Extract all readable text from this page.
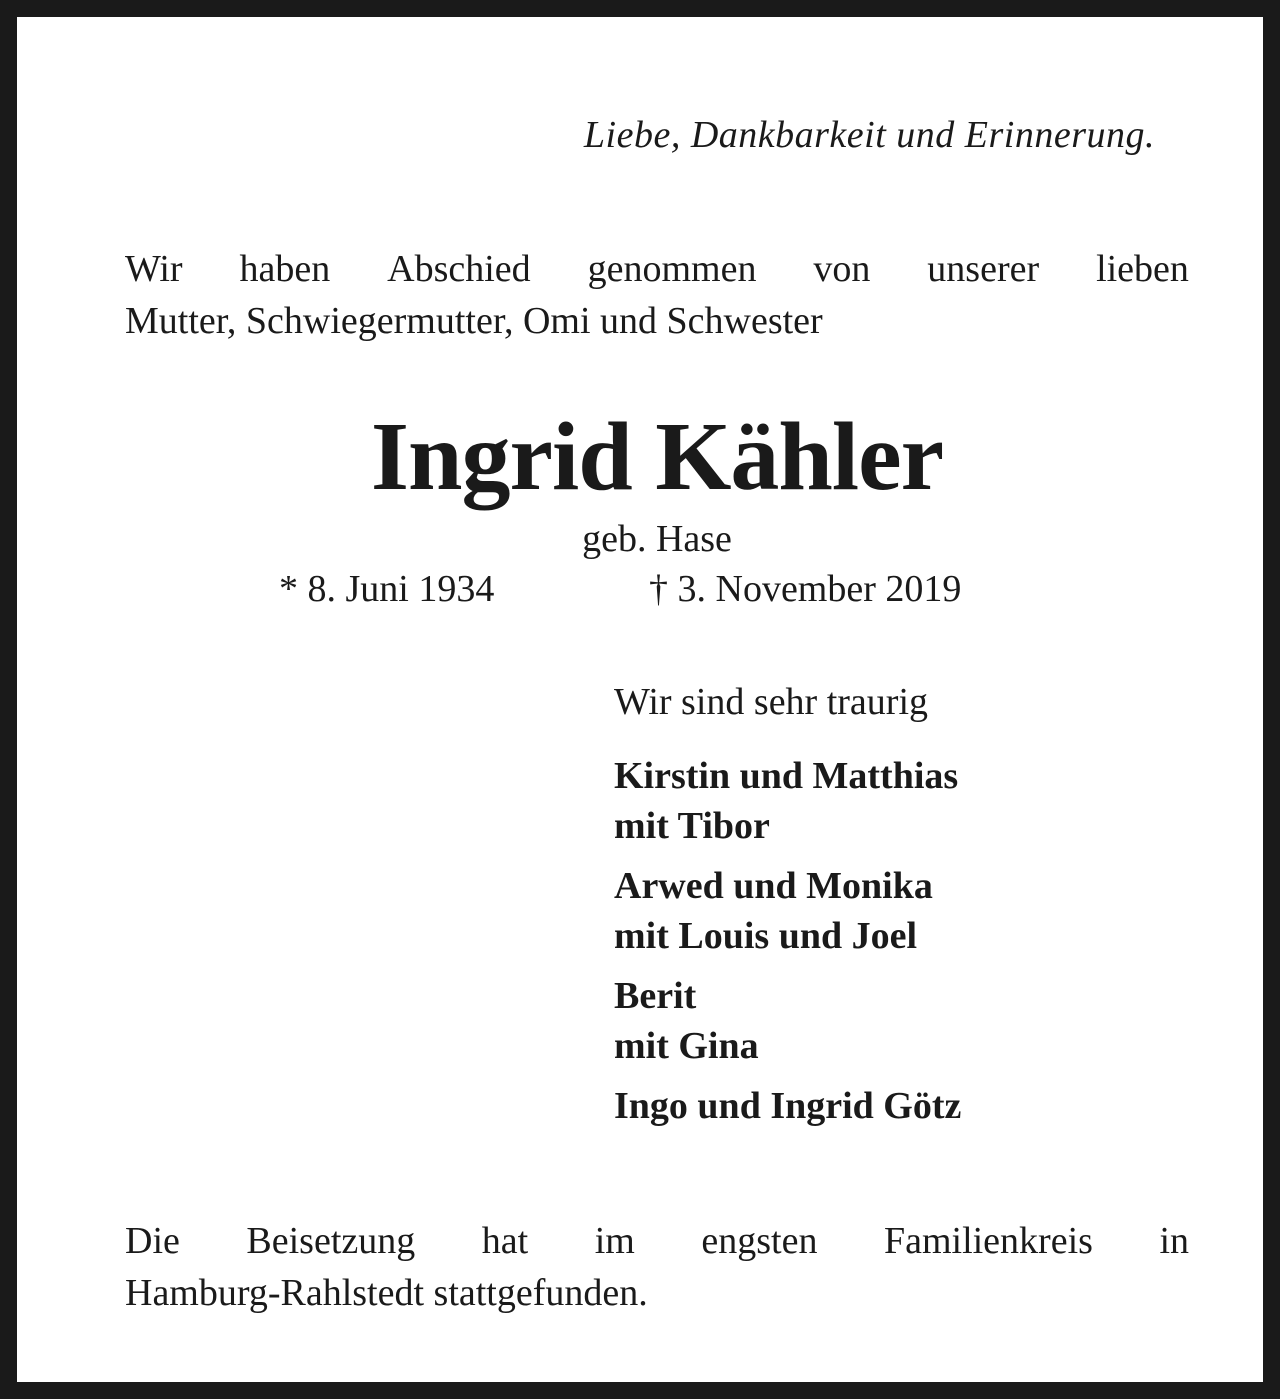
Liebe, Dankbarkeit und Erinnerung.
Wir haben Abschied genommen von unserer lieben
Mutter, Schwiegermutter, Omi und Schwester
Ingrid Kähler
geb. Hase
* 8. Juni 1934	† 3. November 2019
Wir sind sehr traurig
Kirstin und Matthias
mit Tibor
Arwed und Monika
mit Louis und Joel
Berit
mit Gina
Ingo und Ingrid Götz
Die Beisetzung hat im engsten Familienkreis in
Hamburg-Rahlstedt stattgefunden.
